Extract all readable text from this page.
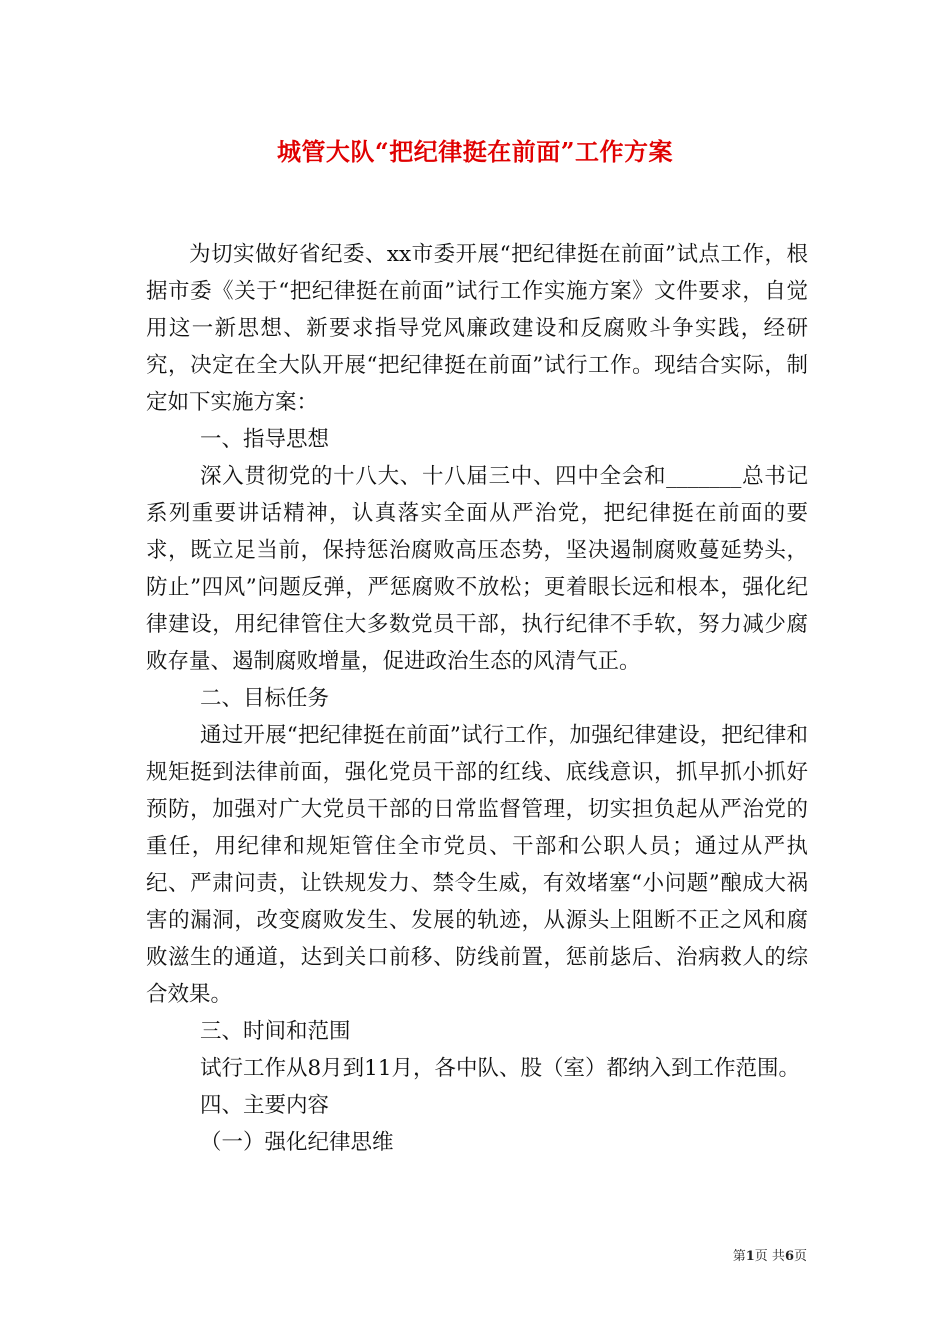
城管大队“把纪律挺在前面”工作方案

为切实做好省纪委、xx市委开展“把纪律挺在前面”试点工作，根据市委《关于“把纪律挺在前面”试行工作实施方案》文件要求，自觉用这一新思想、新要求指导党风廉政建设和反腐败斗争实践，经研究，决定在全大队开展“把纪律挺在前面”试行工作。现结合实际，制定如下实施方案：

一、指导思想

深入贯彻党的十八大、十八届三中、四中全会和_______总书记系列重要讲话精神，认真落实全面从严治党，把纪律挺在前面的要求，既立足当前，保持惩治腐败高压态势，坚决遏制腐败蔓延势头，防止”四风”问题反弹，严惩腐败不放松；更着眼长远和根本，强化纪律建设，用纪律管住大多数党员干部，执行纪律不手软，努力减少腐败存量、遏制腐败增量，促进政治生态的风清气正。

二、目标任务

通过开展“把纪律挺在前面”试行工作，加强纪律建设，把纪律和规矩挺到法律前面，强化党员干部的红线、底线意识，抓早抓小抓好预防，加强对广大党员干部的日常监督管理，切实担负起从严治党的重任，用纪律和规矩管住全市党员、干部和公职人员；通过从严执纪、严肃问责，让铁规发力、禁令生威，有效堵塞“小问题”酿成大祸害的漏洞，改变腐败发生、发展的轨迹，从源头上阻断不正之风和腐败滋生的通道，达到关口前移、防线前置，惩前毖后、治病救人的综合效果。

三、时间和范围

试行工作从8月到11月，各中队、股（室）都纳入到工作范围。

四、主要内容

（一）强化纪律思维

第1页 共6页
